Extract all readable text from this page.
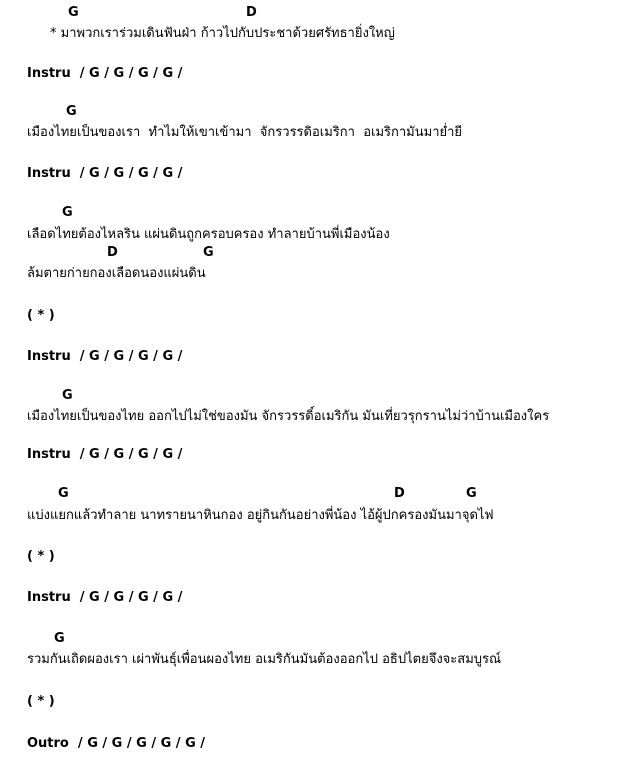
G	D
* มาพวกเราร่วมเดินฟันฝ่า ก้าวไปกับประชาด้วยศรัทธายิ่งใหญ่
Instru  / G / G / G / G /
G
เมืองไทยเป็นของเรา  ทำไมให้เขาเข้ามา  จักรวรรดิอเมริกา  อเมริกามันมาย่ำยี
Instru  / G / G / G / G /
G
เลือดไทยต้องไหลริน แผ่นดินถูกครอบครอง ทำลายบ้านพี่เมืองน้อง
D	G
ล้มตายก่ายกองเลือดนองแผ่นดิน
( * )
Instru  / G / G / G / G /
G
เมืองไทยเป็นของไทย ออกไปไม่ใช่ของมัน จักรวรรดิ์อเมริกัน มันเที่ยวรุกรานไม่ว่าบ้านเมืองใคร
Instru  / G / G / G / G /
G	D	G
แบ่งแยกแล้วทำลาย นาทรายนาหินกอง อยู่กินกันอย่างพี่น้อง ไอ้ผู้ปกครองมันมาจุดไฟ
( * )
Instru  / G / G / G / G /
G
รวมกันเถิดผองเรา เผ่าพันธุ์เพื่อนผองไทย อเมริกันมันต้องออกไป อธิปไตยจึงจะสมบูรณ์
( * )
Outro  / G / G / G / G / G /
